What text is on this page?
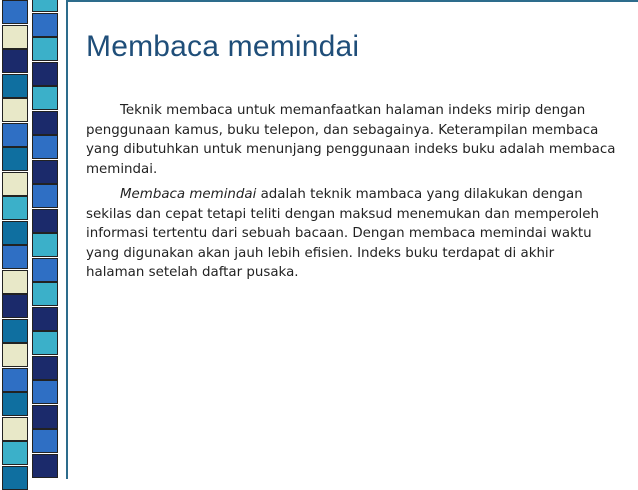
Membaca memindai

Teknik membaca untuk memanfaatkan halaman indeks mirip dengan penggunaan kamus, buku telepon, dan sebagainya. Keterampilan membaca yang dibutuhkan untuk menunjang penggunaan indeks buku adalah membaca memindai.

Membaca memindai adalah teknik mambaca yang dilakukan dengan sekilas dan cepat tetapi teliti dengan maksud menemukan dan memperoleh informasi tertentu dari sebuah bacaan. Dengan membaca memindai waktu yang digunakan akan jauh lebih efisien. Indeks buku terdapat di akhir halaman setelah daftar pusaka.
